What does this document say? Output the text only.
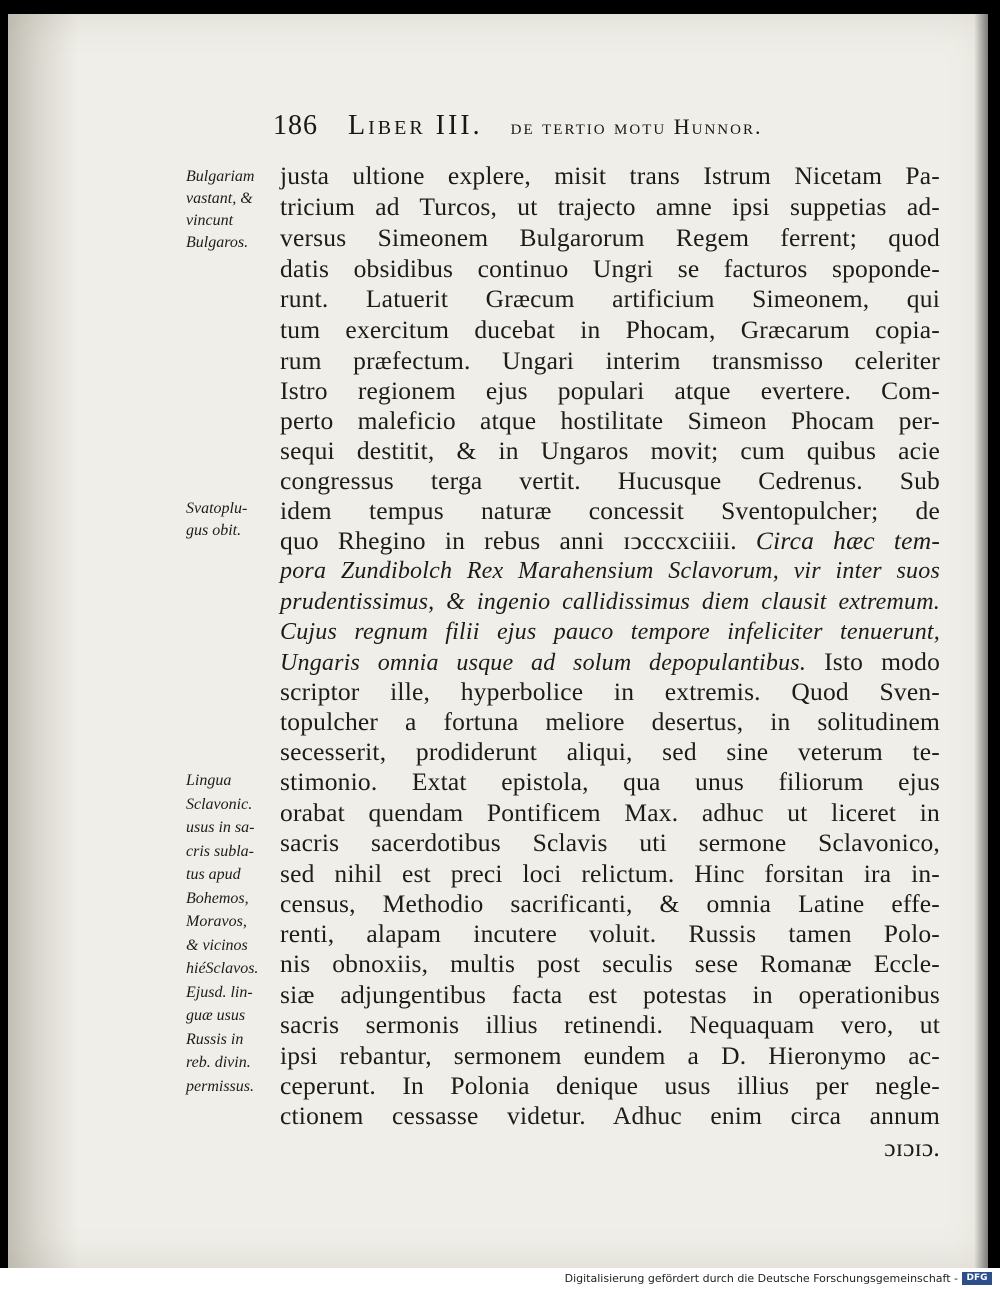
186 Liber III. de tertio motu Hunnor.
justa ultione explere, misit trans Istrum Nicetam Pa-
tricium ad Turcos, ut trajecto amne ipsi suppetias ad-
versus Simeonem Bulgarorum Regem ferrent; quod
datis obsidibus continuo Ungri se facturos spoponde-
runt. Latuerit Græcum artificium Simeonem, qui
tum exercitum ducebat in Phocam, Græcarum copia-
rum præfectum. Ungari interim transmisso celeriter
Istro regionem ejus populari atque evertere. Com-
perto maleficio atque hostilitate Simeon Phocam per-
sequi destitit, & in Ungaros movit; cum quibus acie
congressus terga vertit. Hucusque Cedrenus. Sub
idem tempus naturæ concessit Sventopulcher; de
quo Rhegino in rebus anni ɪↄcccxciiii. Circa hæc tem-
pora Zundibolch Rex Marahensium Sclavorum, vir inter suos
prudentissimus, & ingenio callidissimus diem clausit extremum.
Cujus regnum filii ejus pauco tempore infeliciter tenuerunt,
Ungaris omnia usque ad solum depopulantibus. Isto modo
scriptor ille, hyperbolice in extremis. Quod Sven-
topulcher a fortuna meliore desertus, in solitudinem
secesserit, prodiderunt aliqui, sed sine veterum te-
stimonio. Extat epistola, qua unus filiorum ejus
orabat quendam Pontificem Max. adhuc ut liceret in
sacris sacerdotibus Sclavis uti sermone Sclavonico,
sed nihil est preci loci relictum. Hinc forsitan ira in-
census, Methodio sacrificanti, & omnia Latine effe-
renti, alapam incutere voluit. Russis tamen Polo-
nis obnoxiis, multis post seculis sese Romanæ Eccle-
siæ adjungentibus facta est potestas in operationibus
sacris sermonis illius retinendi. Nequaquam vero, ut
ipsi rebantur, sermonem eundem a D. Hieronymo ac-
ceperunt. In Polonia denique usus illius per negle-
ctionem cessasse videtur. Adhuc enim circa annum
ɔɪɔɪɔ.
Bulgariam
vastant, &
vincunt
Bulgaros.
Svatoplu-
gus obit.
Lingua
Sclavonic.
usus in sa-
cris subla-
tus apud
Bohemos,
Moravos,
& vicinos
hiéSclavos.
Ejusd. lin-
guæ usus
Russis in
reb. divin.
permissus.
Digitalisierung gefördert durch die Deutsche Forschungsgemeinschaft - DFG
